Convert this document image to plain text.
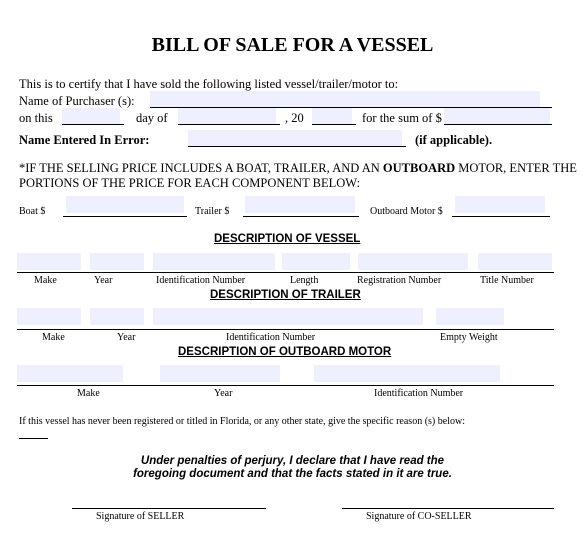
BILL OF SALE FOR A VESSEL
This is to certify that I have sold the following listed vessel/trailer/motor to:
Name of Purchaser (s):
on this	day of	, 20	for the sum of $
Name Entered In Error:	(if applicable).
*IF THE SELLING PRICE INCLUDES A BOAT, TRAILER, AND AN OUTBOARD MOTOR, ENTER THE
PORTIONS OF THE PRICE FOR EACH COMPONENT BELOW:
Boat $	Trailer $	Outboard Motor $
DESCRIPTION OF VESSEL
Make	Year	Identification Number	Length	Registration Number	Title Number
DESCRIPTION OF TRAILER
Make	Year	Identification Number	Empty Weight
DESCRIPTION OF OUTBOARD MOTOR
Make	Year	Identification Number
If this vessel has never been registered or titled in Florida, or any other state, give the specific reason (s) below:
Under penalties of perjury, I declare that I have read the
foregoing document and that the facts stated in it are true.
Signature of SELLER	Signature of CO-SELLER
